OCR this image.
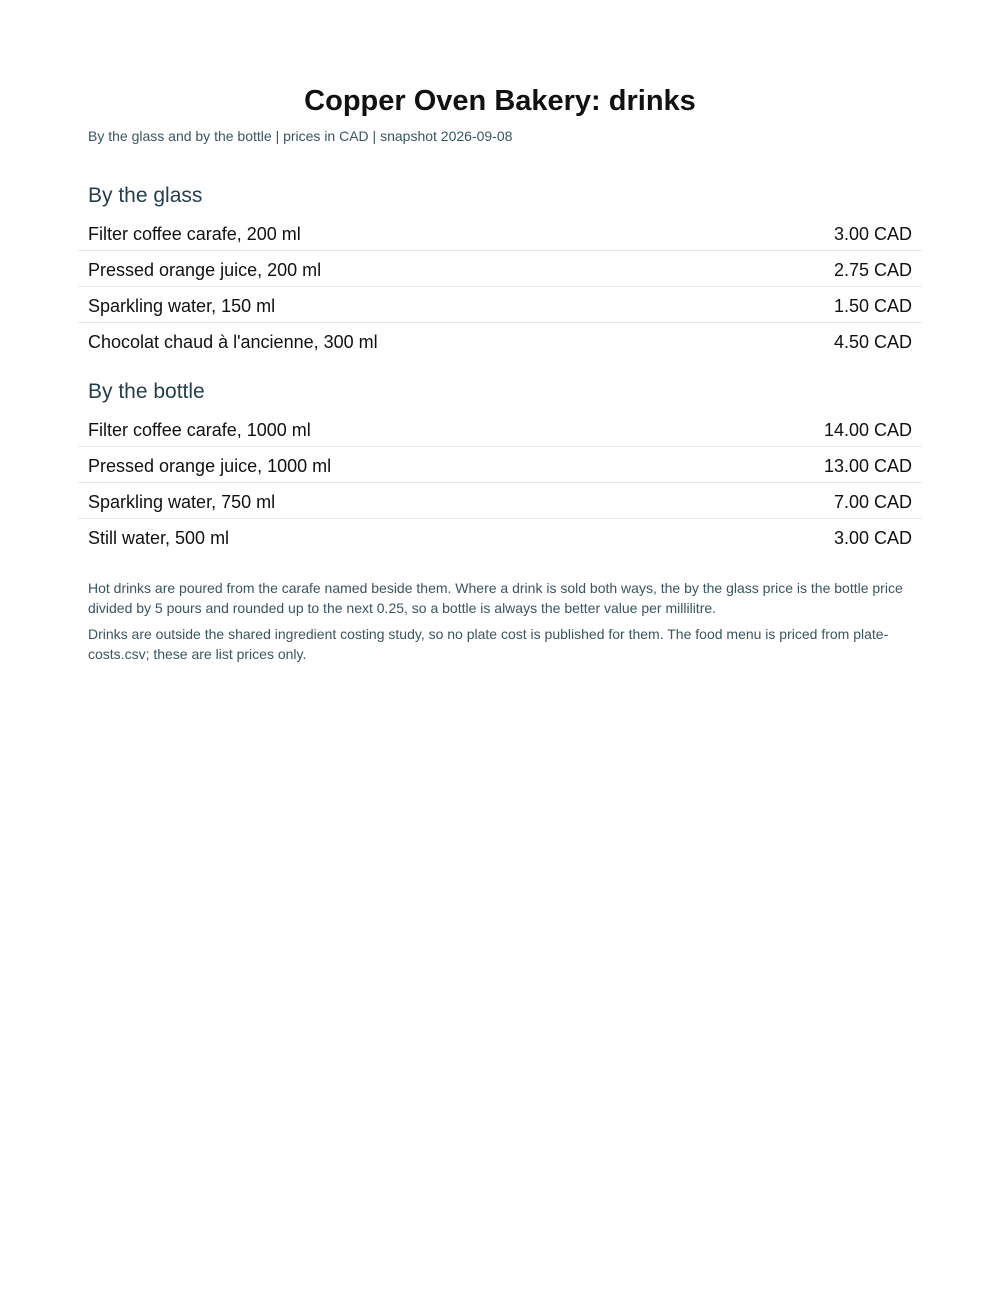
Copper Oven Bakery: drinks

By the glass and by the bottle | prices in CAD | snapshot 2026-09-08

By the glass
Filter coffee carafe, 200 ml	3.00 CAD
Pressed orange juice, 200 ml	2.75 CAD
Sparkling water, 150 ml	1.50 CAD
Chocolat chaud à l'ancienne, 300 ml	4.50 CAD
By the bottle
Filter coffee carafe, 1000 ml	14.00 CAD
Pressed orange juice, 1000 ml	13.00 CAD
Sparkling water, 750 ml	7.00 CAD
Still water, 500 ml	3.00 CAD

Hot drinks are poured from the carafe named beside them. Where a drink is sold both ways, the by the glass price is the bottle price divided by 5 pours and rounded up to the next 0.25, so a bottle is always the better value per millilitre.

Drinks are outside the shared ingredient costing study, so no plate cost is published for them. The food menu is priced from plate-costs.csv; these are list prices only.
